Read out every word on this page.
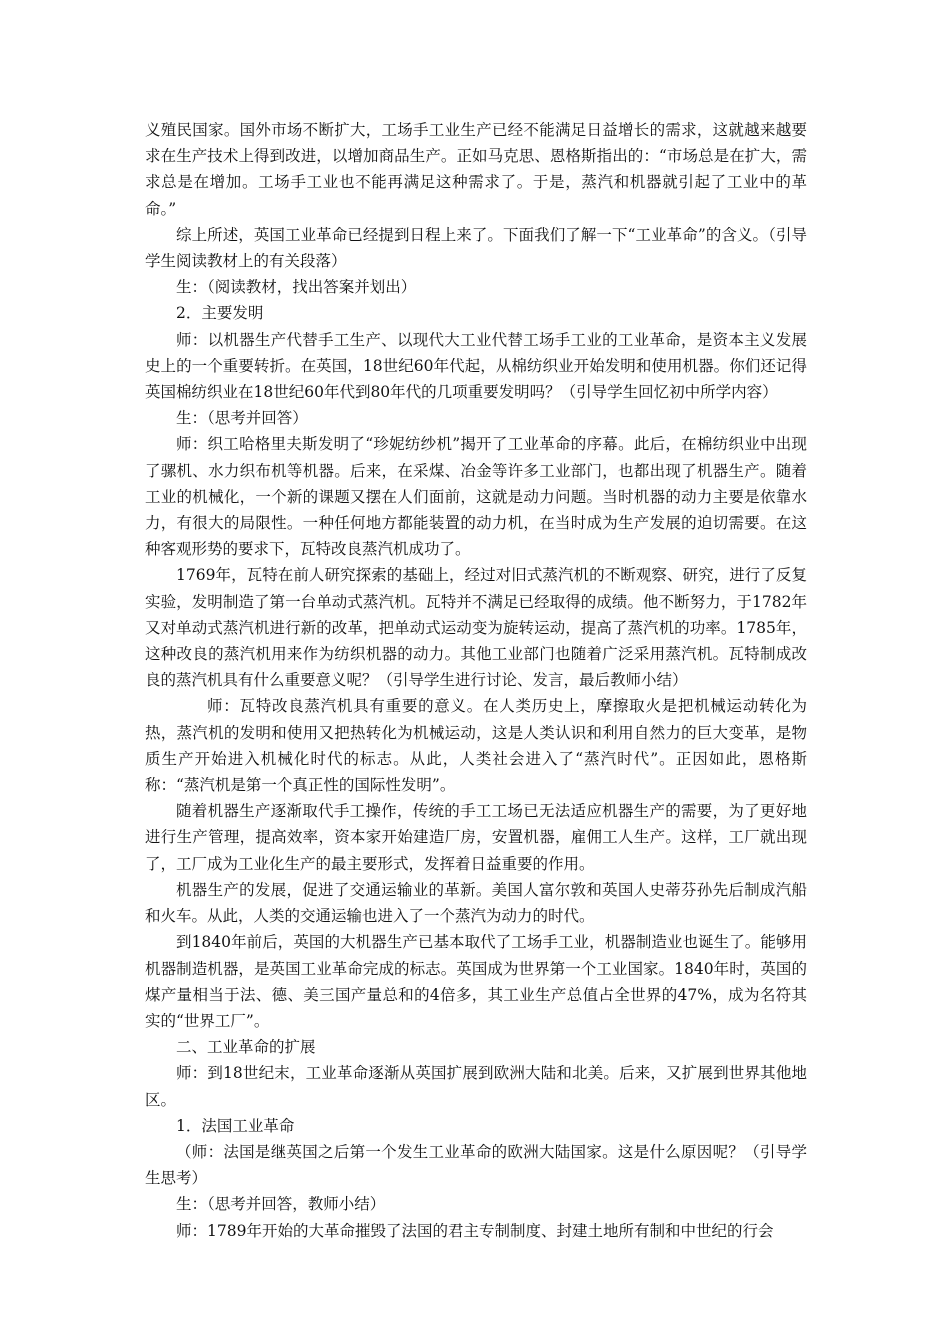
义殖民国家。国外市场不断扩大，工场手工业生产已经不能满足日益增长的需求，这就越来越要求在生产技术上得到改进，以增加商品生产。正如马克思、恩格斯指出的：“市场总是在扩大，需求总是在增加。工场手工业也不能再满足这种需求了。于是，蒸汽和机器就引起了工业中的革命。”

综上所述，英国工业革命已经提到日程上来了。下面我们了解一下“工业革命”的含义。（引导学生阅读教材上的有关段落）

生：（阅读教材，找出答案并划出）

2．主要发明

师：以机器生产代替手工生产、以现代大工业代替工场手工业的工业革命，是资本主义发展史上的一个重要转折。在英国，18世纪60年代起，从棉纺织业开始发明和使用机器。你们还记得英国棉纺织业在18世纪60年代到80年代的几项重要发明吗？（引导学生回忆初中所学内容）

生：（思考并回答）

师：织工哈格里夫斯发明了“珍妮纺纱机”揭开了工业革命的序幕。此后，在棉纺织业中出现了骡机、水力织布机等机器。后来，在采煤、冶金等许多工业部门，也都出现了机器生产。随着工业的机械化，一个新的课题又摆在人们面前，这就是动力问题。当时机器的动力主要是依靠水力，有很大的局限性。一种任何地方都能装置的动力机，在当时成为生产发展的迫切需要。在这种客观形势的要求下，瓦特改良蒸汽机成功了。

1769年，瓦特在前人研究探索的基础上，经过对旧式蒸汽机的不断观察、研究，进行了反复实验，发明制造了第一台单动式蒸汽机。瓦特并不满足已经取得的成绩。他不断努力，于1782年又对单动式蒸汽机进行新的改革，把单动式运动变为旋转运动，提高了蒸汽机的功率。1785年，这种改良的蒸汽机用来作为纺织机器的动力。其他工业部门也随着广泛采用蒸汽机。瓦特制成改良的蒸汽机具有什么重要意义呢？（引导学生进行讨论、发言，最后教师小结）

师：瓦特改良蒸汽机具有重要的意义。在人类历史上，摩擦取火是把机械运动转化为热，蒸汽机的发明和使用又把热转化为机械运动，这是人类认识和利用自然力的巨大变革，是物质生产开始进入机械化时代的标志。从此，人类社会进入了“蒸汽时代”。正因如此，恩格斯称：“蒸汽机是第一个真正性的国际性发明”。

随着机器生产逐渐取代手工操作，传统的手工工场已无法适应机器生产的需要，为了更好地进行生产管理，提高效率，资本家开始建造厂房，安置机器，雇佣工人生产。这样，工厂就出现了，工厂成为工业化生产的最主要形式，发挥着日益重要的作用。

机器生产的发展，促进了交通运输业的革新。美国人富尔敦和英国人史蒂芬孙先后制成汽船和火车。从此，人类的交通运输也进入了一个蒸汽为动力的时代。

到1840年前后，英国的大机器生产已基本取代了工场手工业，机器制造业也诞生了。能够用机器制造机器，是英国工业革命完成的标志。英国成为世界第一个工业国家。1840年时，英国的煤产量相当于法、德、美三国产量总和的4倍多，其工业生产总值占全世界的47%，成为名符其实的“世界工厂”。

二、工业革命的扩展

师：到18世纪末，工业革命逐渐从英国扩展到欧洲大陆和北美。后来，又扩展到世界其他地区。

1．法国工业革命

（师：法国是继英国之后第一个发生工业革命的欧洲大陆国家。这是什么原因呢？（引导学生思考）

生：（思考并回答，教师小结）

师：1789年开始的大革命摧毁了法国的君主专制制度、封建土地所有制和中世纪的行会
